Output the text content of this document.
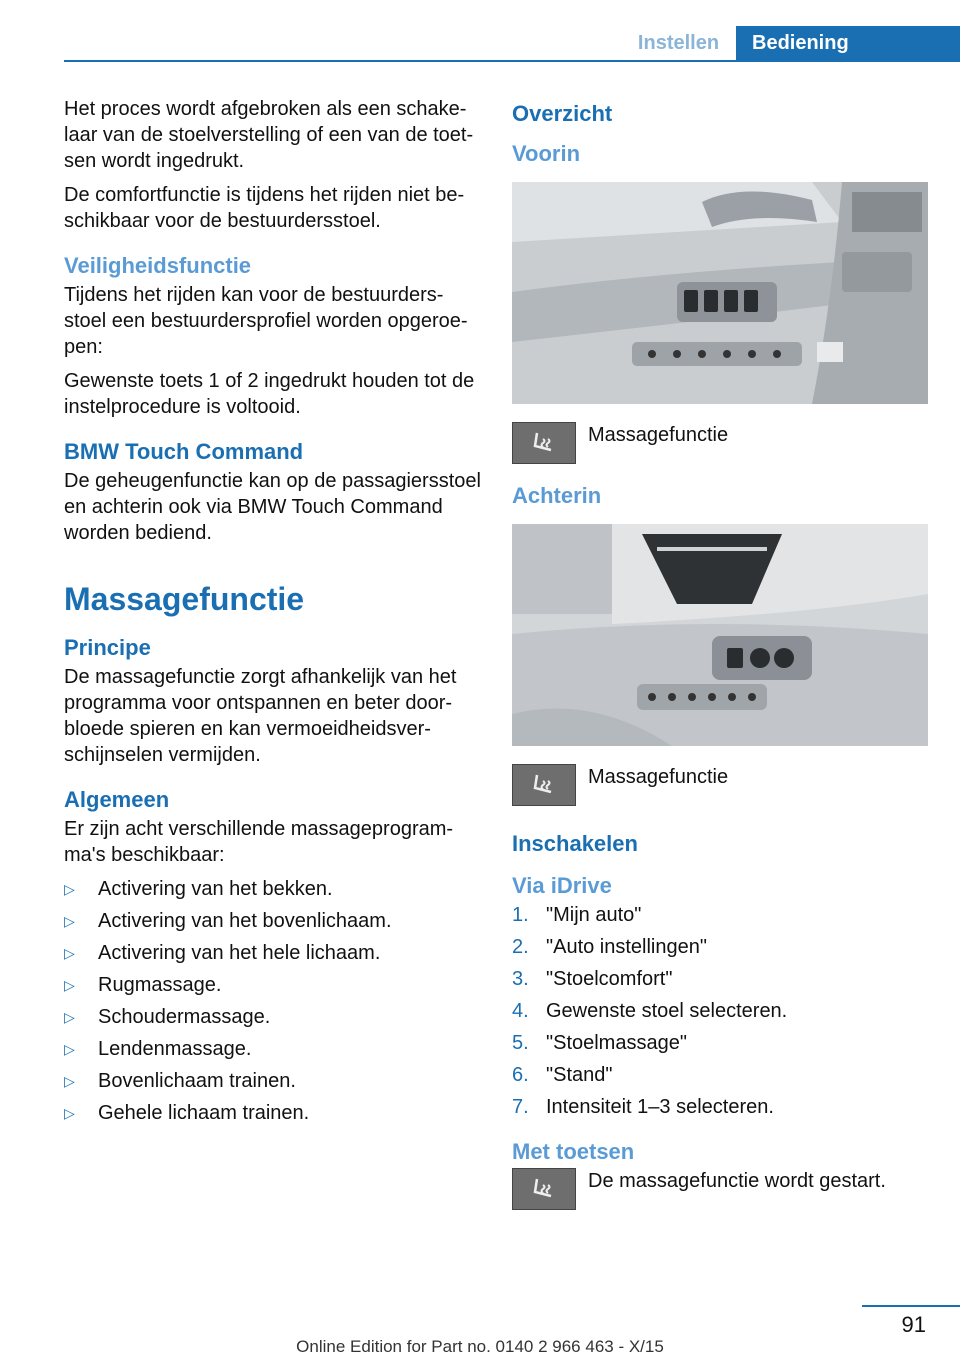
Instellen	Bediening

Het proces wordt afgebroken als een schake-laar van de stoelverstelling of een van de toet-sen wordt ingedrukt.

De comfortfunctie is tijdens het rijden niet be-schikbaar voor de bestuurdersstoel.

Veiligheidsfunctie

Tijdens het rijden kan voor de bestuurders-stoel een bestuurdersprofiel worden opgeroe-pen:

Gewenste toets 1 of 2 ingedrukt houden tot de instelprocedure is voltooid.

BMW Touch Command

De geheugenfunctie kan op de passagiersstoel en achterin ook via BMW Touch Command worden bediend.

Massagefunctie
Principe

De massagefunctie zorgt afhankelijk van het programma voor ontspannen en beter door-bloede spieren en kan vermoeidheidsver-schijnselen vermijden.

Algemeen

Er zijn acht verschillende massageprogram-ma's beschikbaar:

▷ Activering van het bekken.
▷ Activering van het bovenlichaam.
▷ Activering van het hele lichaam.
▷ Rugmassage.
▷ Schoudermassage.
▷ Lendenmassage.
▷ Bovenlichaam trainen.
▷ Gehele lichaam trainen.
Overzicht
Voorin

Massagefunctie

Achterin

Massagefunctie

Inschakelen
Via iDrive
1. "Mijn auto"
2. "Auto instellingen"
3. "Stoelcomfort"
4. Gewenste stoel selecteren.
5. "Stoelmassage"
6. "Stand"
7. Intensiteit 1–3 selecteren.
Met toetsen

De massagefunctie wordt gestart.

91
Online Edition for Part no. 0140 2 966 463 - X/15
